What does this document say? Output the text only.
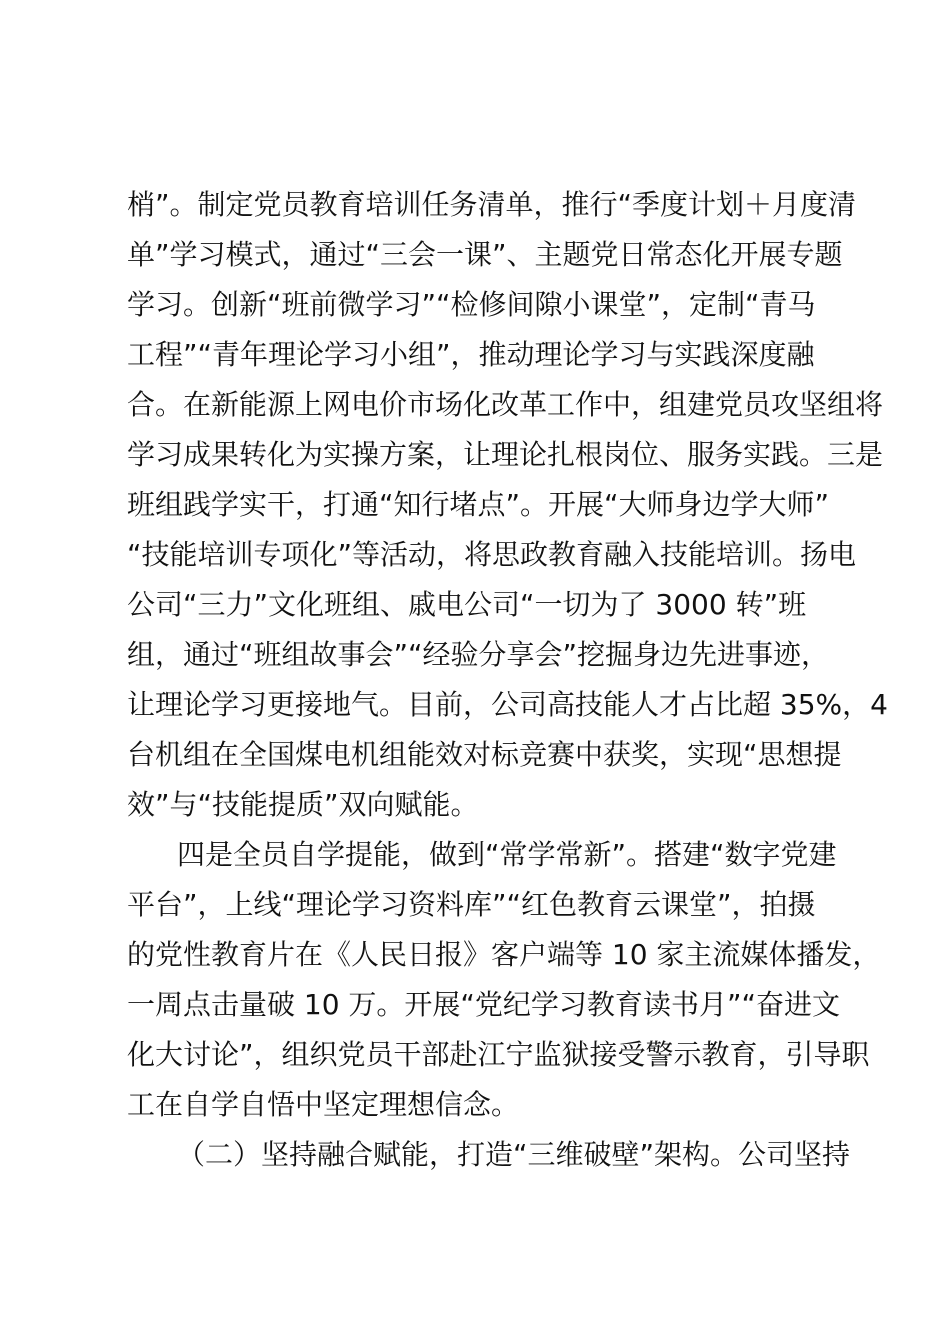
梢”。制定党员教育培训任务清单，推行“季度计划＋月度清
单”学习模式，通过“三会一课”、主题党日常态化开展专题
学习。创新“班前微学习”“检修间隙小课堂”，定制“青马
工程”“青年理论学习小组”，推动理论学习与实践深度融
合。在新能源上网电价市场化改革工作中，组建党员攻坚组将
学习成果转化为实操方案，让理论扎根岗位、服务实践。三是
班组践学实干，打通“知行堵点”。开展“大师身边学大师”
“技能培训专项化”等活动，将思政教育融入技能培训。扬电
公司“三力”文化班组、戚电公司“一切为了 3000 转”班
组，通过“班组故事会”“经验分享会”挖掘身边先进事迹，
让理论学习更接地气。目前，公司高技能人才占比超 35%，4
台机组在全国煤电机组能效对标竞赛中获奖，实现“思想提
效”与“技能提质”双向赋能。
四是全员自学提能，做到“常学常新”。搭建“数字党建
平台”，上线“理论学习资料库”“红色教育云课堂”，拍摄
的党性教育片在《人民日报》客户端等 10 家主流媒体播发，
一周点击量破 10 万。开展“党纪学习教育读书月”“奋进文
化大讨论”，组织党员干部赴江宁监狱接受警示教育，引导职
工在自学自悟中坚定理想信念。
（二）坚持融合赋能，打造“三维破壁”架构。公司坚持
